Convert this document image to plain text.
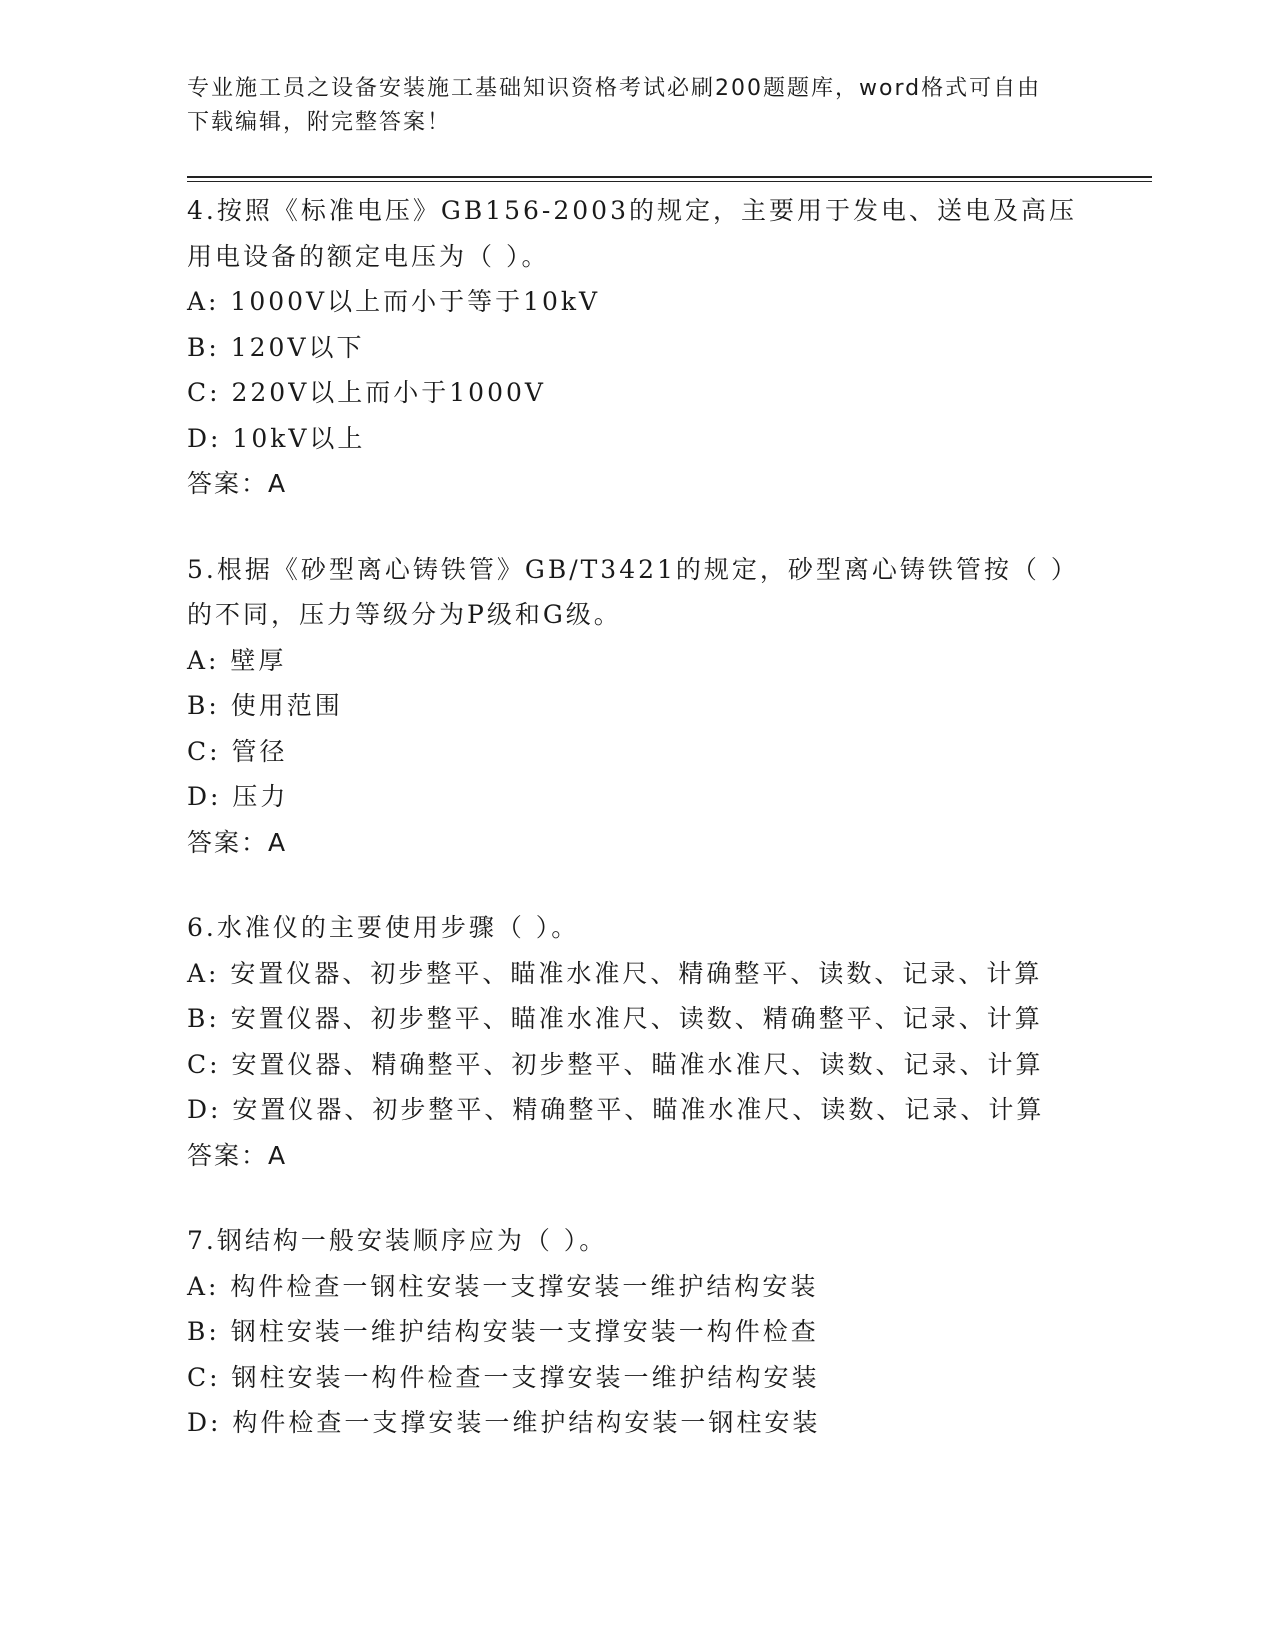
专业施工员之设备安装施工基础知识资格考试必刷200题题库，word格式可自由
下载编辑，附完整答案！
4.按照《标准电压》GB156-2003的规定，主要用于发电、送电及高压
用电设备的额定电压为（ ）。
A: 1000V以上而小于等于10kV
B: 120V以下
C: 220V以上而小于1000V
D: 10kV以上
答案：A
5.根据《砂型离心铸铁管》GB/T3421的规定，砂型离心铸铁管按（ ）
的不同，压力等级分为P级和G级。
A: 壁厚
B: 使用范围
C: 管径
D: 压力
答案：A
6.水准仪的主要使用步骤（ ）。
A: 安置仪器、初步整平、瞄准水准尺、精确整平、读数、记录、计算
B: 安置仪器、初步整平、瞄准水准尺、读数、精确整平、记录、计算
C: 安置仪器、精确整平、初步整平、瞄准水准尺、读数、记录、计算
D: 安置仪器、初步整平、精确整平、瞄准水准尺、读数、记录、计算
答案：A
7.钢结构一般安装顺序应为（ ）。
A: 构件检查一钢柱安装一支撑安装一维护结构安装
B: 钢柱安装一维护结构安装一支撑安装一构件检查
C: 钢柱安装一构件检查一支撑安装一维护结构安装
D: 构件检查一支撑安装一维护结构安装一钢柱安装
